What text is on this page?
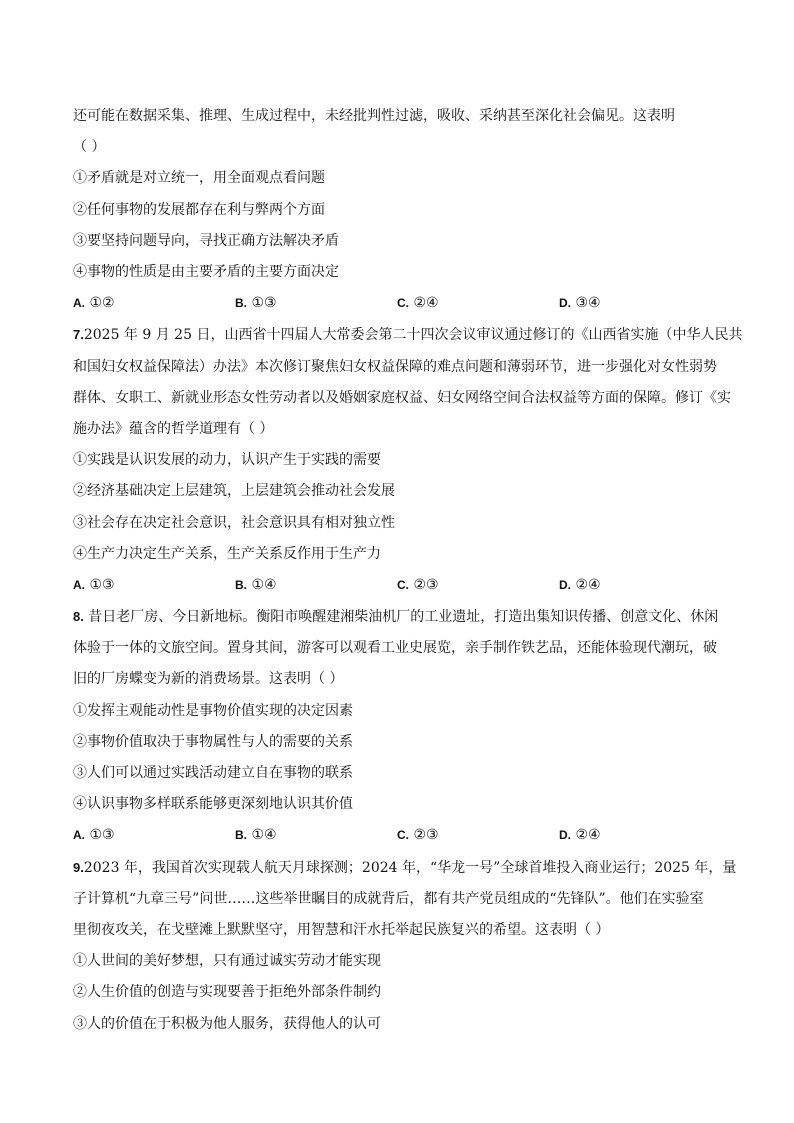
还可能在数据采集、推理、生成过程中，未经批判性过滤，吸收、采纳甚至深化社会偏见。这表明
（ ）
①矛盾就是对立统一，用全面观点看问题
②任何事物的发展都存在利与弊两个方面
③要坚持问题导向，寻找正确方法解决矛盾
④事物的性质是由主要矛盾的主要方面决定
A. ①②	B. ①③	C. ②④	D. ③④
7.2025 年 9 月 25 日，山西省十四届人大常委会第二十四次会议审议通过修订的《山西省实施（中华人民共
和国妇女权益保障法）办法》本次修订聚焦妇女权益保障的难点问题和薄弱环节，进一步强化对女性弱势
群体、女职工、新就业形态女性劳动者以及婚姻家庭权益、妇女网络空间合法权益等方面的保障。修订《实
施办法》蕴含的哲学道理有（ ）
①实践是认识发展的动力，认识产生于实践的需要
②经济基础决定上层建筑，上层建筑会推动社会发展
③社会存在决定社会意识，社会意识具有相对独立性
④生产力决定生产关系，生产关系反作用于生产力
A. ①③	B. ①④	C. ②③	D. ②④
8. 昔日老厂房、今日新地标。衡阳市唤醒建湘柴油机厂的工业遗址，打造出集知识传播、创意文化、休闲
体验于一体的文旅空间。置身其间，游客可以观看工业史展览，亲手制作铁艺品，还能体验现代潮玩，破
旧的厂房蝶变为新的消费场景。这表明（ ）
①发挥主观能动性是事物价值实现的决定因素
②事物价值取决于事物属性与人的需要的关系
③人们可以通过实践活动建立自在事物的联系
④认识事物多样联系能够更深刻地认识其价值
A. ①③	B. ①④	C. ②③	D. ②④
9.2023 年，我国首次实现载人航天月球探测；2024 年，“华龙一号”全球首堆投入商业运行；2025 年，量
子计算机“九章三号”问世……这些举世瞩目的成就背后，都有共产党员组成的“先锋队”。他们在实验室
里彻夜攻关，在戈壁滩上默默坚守，用智慧和汗水托举起民族复兴的希望。这表明（ ）
①人世间的美好梦想，只有通过诚实劳动才能实现
②人生价值的创造与实现要善于拒绝外部条件制约
③人的价值在于积极为他人服务，获得他人的认可
